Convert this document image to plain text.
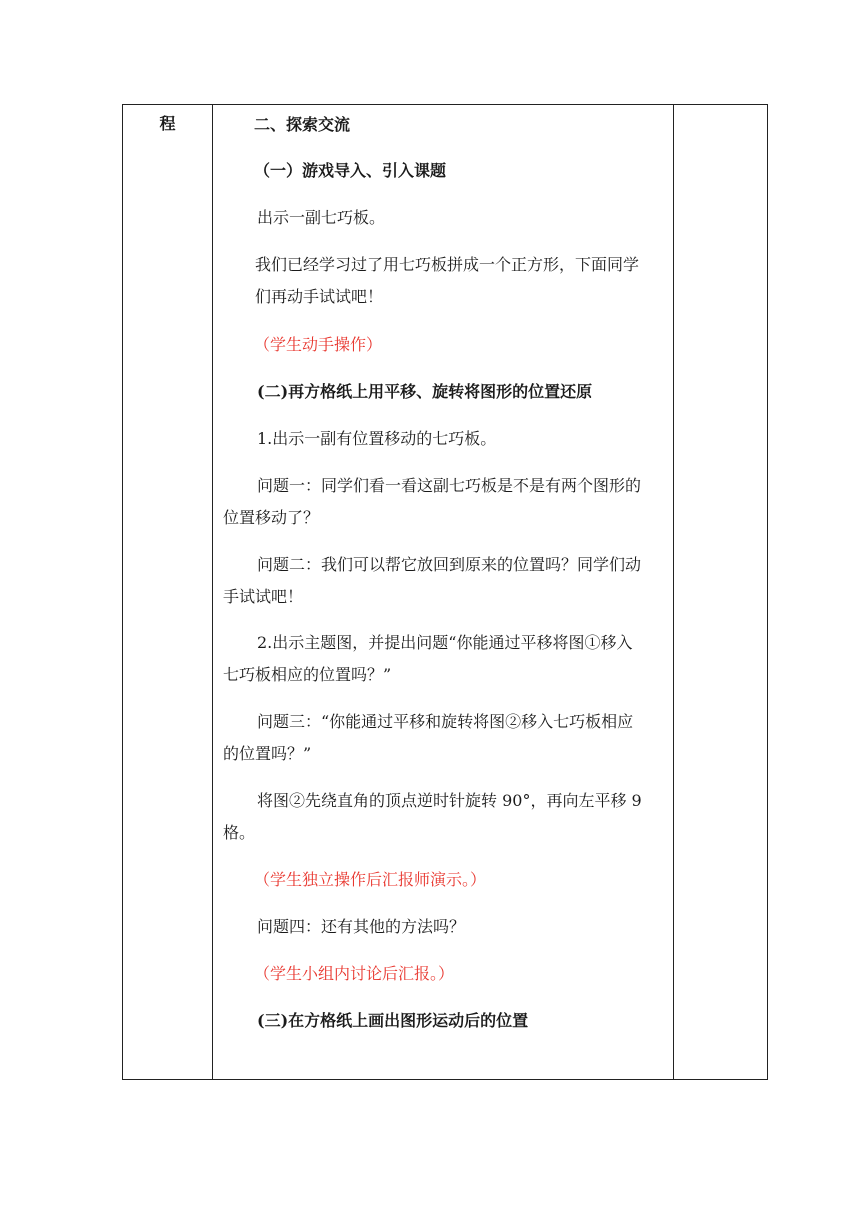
程	二、探索交流
（一）游戏导入、引入课题
出示一副七巧板。
我们已经学习过了用七巧板拼成一个正方形，下面同学
们再动手试试吧！
（学生动手操作）
(二)再方格纸上用平移、旋转将图形的位置还原
1.出示一副有位置移动的七巧板。
问题一：同学们看一看这副七巧板是不是有两个图形的
位置移动了？
问题二：我们可以帮它放回到原来的位置吗？同学们动
手试试吧！
2.出示主题图，并提出问题“你能通过平移将图①移入
七巧板相应的位置吗？”
问题三：“你能通过平移和旋转将图②移入七巧板相应
的位置吗？”
将图②先绕直角的顶点逆时针旋转 90°，再向左平移 9
格。
（学生独立操作后汇报师演示。）
问题四：还有其他的方法吗？
（学生小组内讨论后汇报。）
(三)在方格纸上画出图形运动后的位置
